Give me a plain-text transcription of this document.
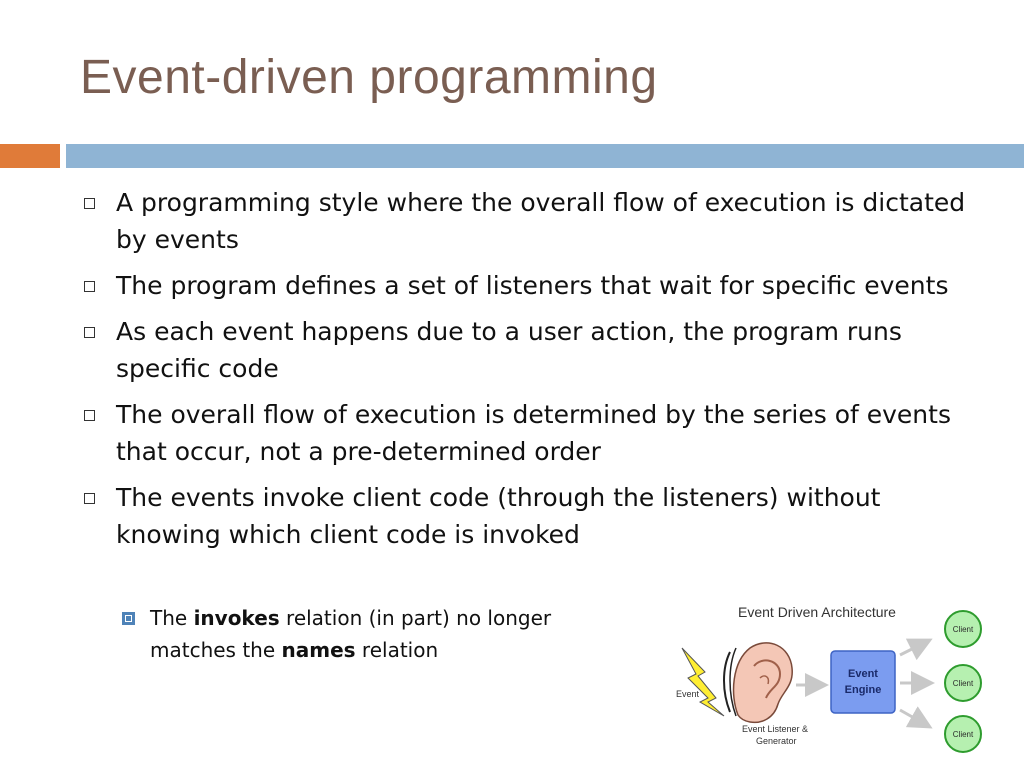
Event-driven programming
A programming style where the overall flow of execution is dictated by events
The program defines a set of listeners that wait for specific events
As each event happens due to a user action, the program runs specific code
The overall flow of execution is determined by the series of events that occur, not a pre-determined order
The events invoke client code (through the listeners) without knowing which client code is invoked
The invokes relation (in part) no longer matches the names relation
Event Driven Architecture
Event
Event Listener &
Generator
Event
Engine
Client
Client
Client
